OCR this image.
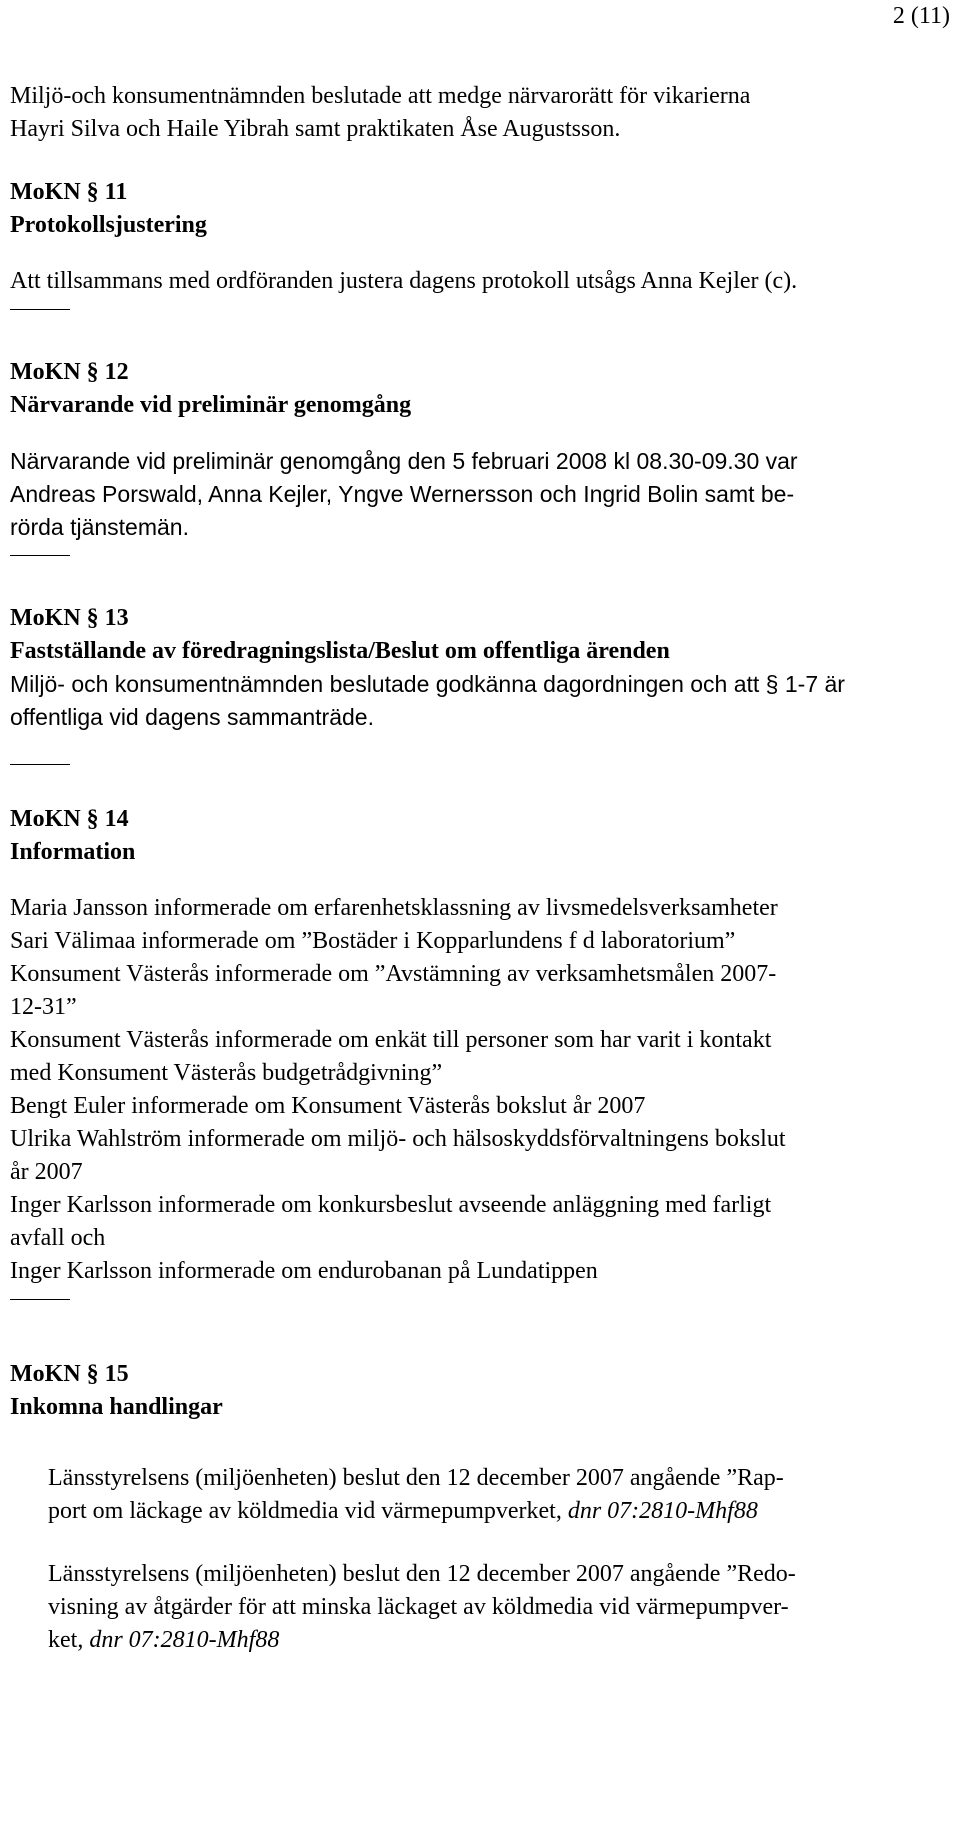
2 (11)
Miljö-och konsumentnämnden beslutade att medge närvarorätt för vikarierna
Hayri Silva och Haile Yibrah samt praktikaten Åse Augustsson.
MoKN § 11
Protokollsjustering
Att tillsammans med ordföranden justera dagens protokoll utsågs Anna Kejler (c).
MoKN § 12
Närvarande vid preliminär genomgång
Närvarande vid preliminär genomgång den 5 februari 2008 kl 08.30-09.30 var
Andreas Porswald, Anna Kejler, Yngve Wernersson och Ingrid Bolin samt be-
rörda tjänstemän.
MoKN § 13
Fastställande av föredragningslista/Beslut om offentliga ärenden
Miljö- och konsumentnämnden beslutade godkänna dagordningen och att § 1-7 är
offentliga vid dagens sammanträde.
MoKN § 14
Information
Maria Jansson informerade om erfarenhetsklassning av livsmedelsverksamheter
Sari Välimaa informerade om ”Bostäder i Kopparlundens f d laboratorium”
Konsument Västerås informerade om ”Avstämning av verksamhetsmålen 2007-
12-31”
Konsument Västerås informerade om enkät till personer som har varit i kontakt
med Konsument Västerås budgetrådgivning”
Bengt Euler informerade om Konsument Västerås bokslut år 2007
Ulrika Wahlström informerade om miljö- och hälsoskyddsförvaltningens bokslut
år 2007
Inger Karlsson informerade om konkursbeslut avseende anläggning med farligt
avfall och
Inger Karlsson informerade om endurobanan på Lundatippen
MoKN § 15
Inkomna handlingar
Länsstyrelsens (miljöenheten) beslut den 12 december 2007 angående ”Rap-
port om läckage av köldmedia vid värmepumpverket, dnr 07:2810-Mhf88
Länsstyrelsens (miljöenheten) beslut den 12 december 2007 angående ”Redo-
visning av åtgärder för att minska läckaget av köldmedia vid värmepumpver-
ket, dnr 07:2810-Mhf88
